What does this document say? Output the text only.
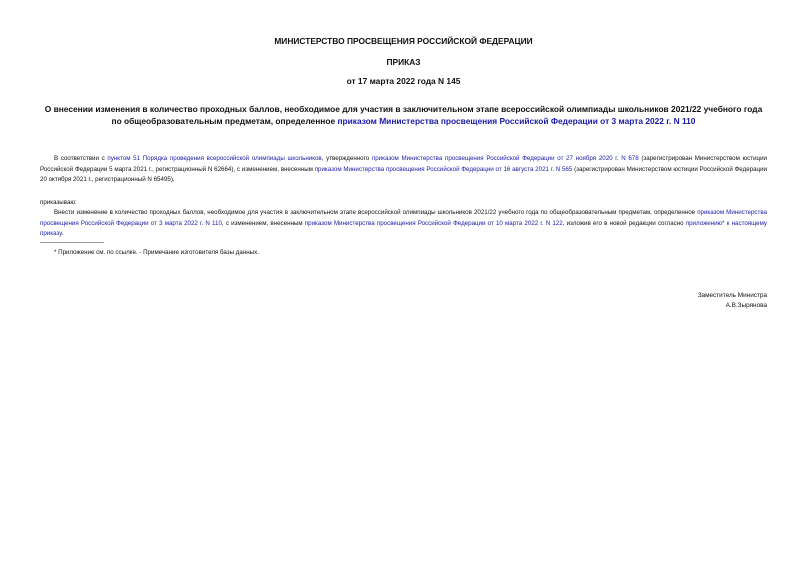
МИНИСТЕРСТВО ПРОСВЕЩЕНИЯ РОССИЙСКОЙ ФЕДЕРАЦИИ
ПРИКАЗ
от 17 марта 2022 года N 145
О внесении изменения в количество проходных баллов, необходимое для участия в заключительном этапе всероссийской олимпиады школьников 2021/22 учебного года по общеобразовательным предметам, определенное приказом Министерства просвещения Российской Федерации от 3 марта 2022 г. N 110
В соответствии с пунктом 51 Порядка проведения всероссийской олимпиады школьников, утвержденного приказом Министерства просвещения Российской Федерации от 27 ноября 2020 г. N 678 (зарегистрирован Министерством юстиции Российской Федерации 5 марта 2021 г., регистрационный N 62664), с изменением, внесенным приказом Министерства просвещения Российской Федерации от 16 августа 2021 г. N 565 (зарегистрирован Министерством юстиции Российской Федерации 20 октября 2021 г., регистрационный N 65495),
приказываю:
Внести изменение в количество проходных баллов, необходимое для участия в заключительном этапе всероссийской олимпиады школьников 2021/22 учебного года по общеобразовательным предметам, определенное приказом Министерства просвещения Российской Федерации от 3 марта 2022 г. N 110, с изменением, внесенным приказом Министерства просвещения Российской Федерации от 10 марта 2022 г. N 122, изложив его в новой редакции согласно приложению* к настоящему приказу.
* Приложение см. по ссылке. - Примечание изготовителя базы данных.
Заместитель Министра
А.В.Зырянова
